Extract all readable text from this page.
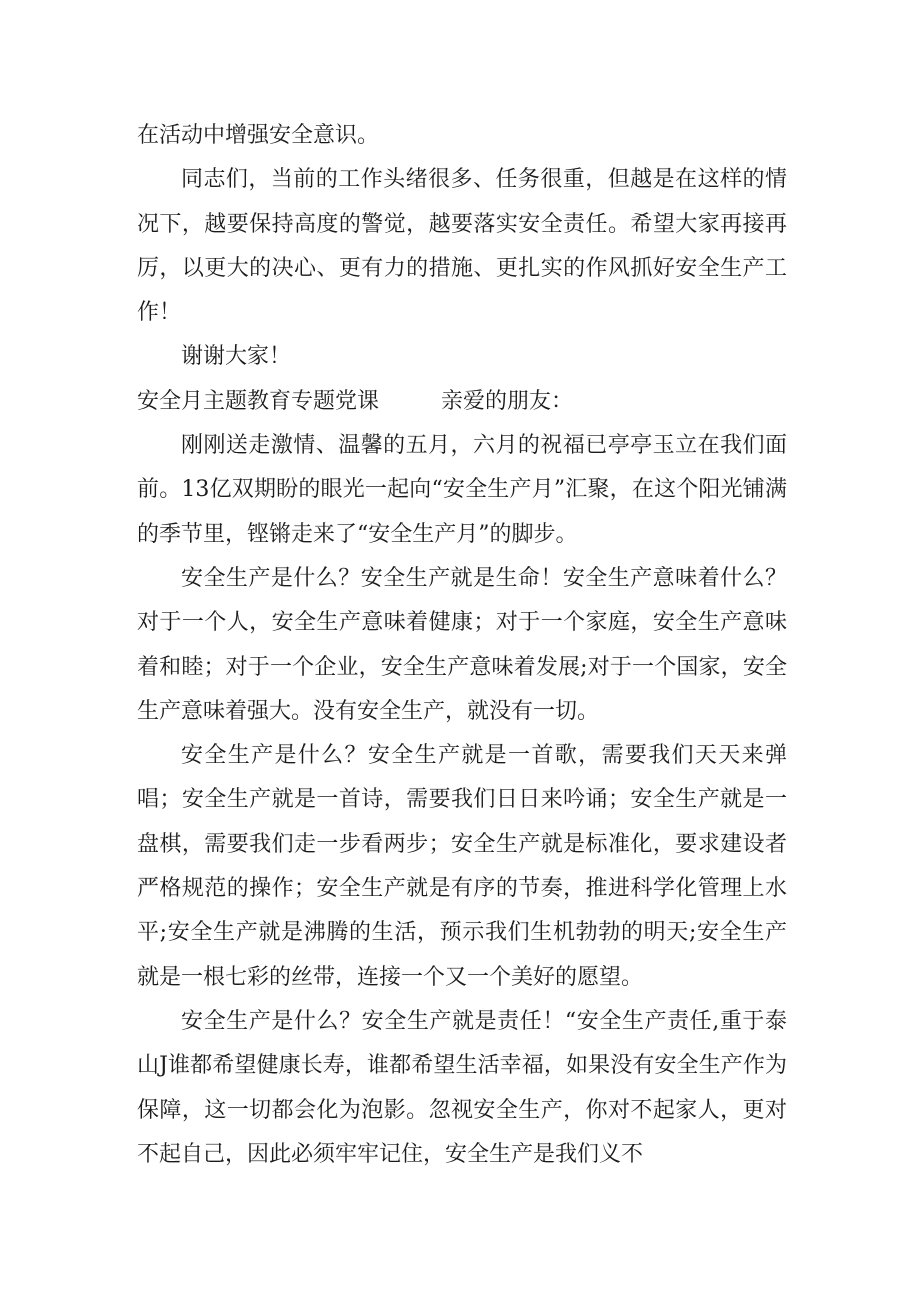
在活动中增强安全意识。

同志们，当前的工作头绪很多、任务很重，但越是在这样的情况下，越要保持高度的警觉，越要落实安全责任。希望大家再接再厉，以更大的决心、更有力的措施、更扎实的作风抓好安全生产工作！

谢谢大家！

安全月主题教育专题党课	亲爱的朋友：

刚刚送走激情、温馨的五月，六月的祝福已亭亭玉立在我们面前。13亿双期盼的眼光一起向“安全生产月”汇聚，在这个阳光铺满的季节里，铿锵走来了“安全生产月”的脚步。

安全生产是什么？安全生产就是生命！安全生产意味着什么？对于一个人，安全生产意味着健康；对于一个家庭，安全生产意味着和睦；对于一个企业，安全生产意味着发展;对于一个国家，安全生产意味着强大。没有安全生产，就没有一切。

安全生产是什么？安全生产就是一首歌，需要我们天天来弹唱；安全生产就是一首诗，需要我们日日来吟诵；安全生产就是一盘棋，需要我们走一步看两步；安全生产就是标准化，要求建设者严格规范的操作；安全生产就是有序的节奏，推进科学化管理上水平;安全生产就是沸腾的生活，预示我们生机勃勃的明天;安全生产就是一根七彩的丝带，连接一个又一个美好的愿望。

安全生产是什么？安全生产就是责任！“安全生产责任,重于泰山J谁都希望健康长寿，谁都希望生活幸福，如果没有安全生产作为保障，这一切都会化为泡影。忽视安全生产，你对不起家人，更对不起自己，因此必须牢牢记住，安全生产是我们义不
